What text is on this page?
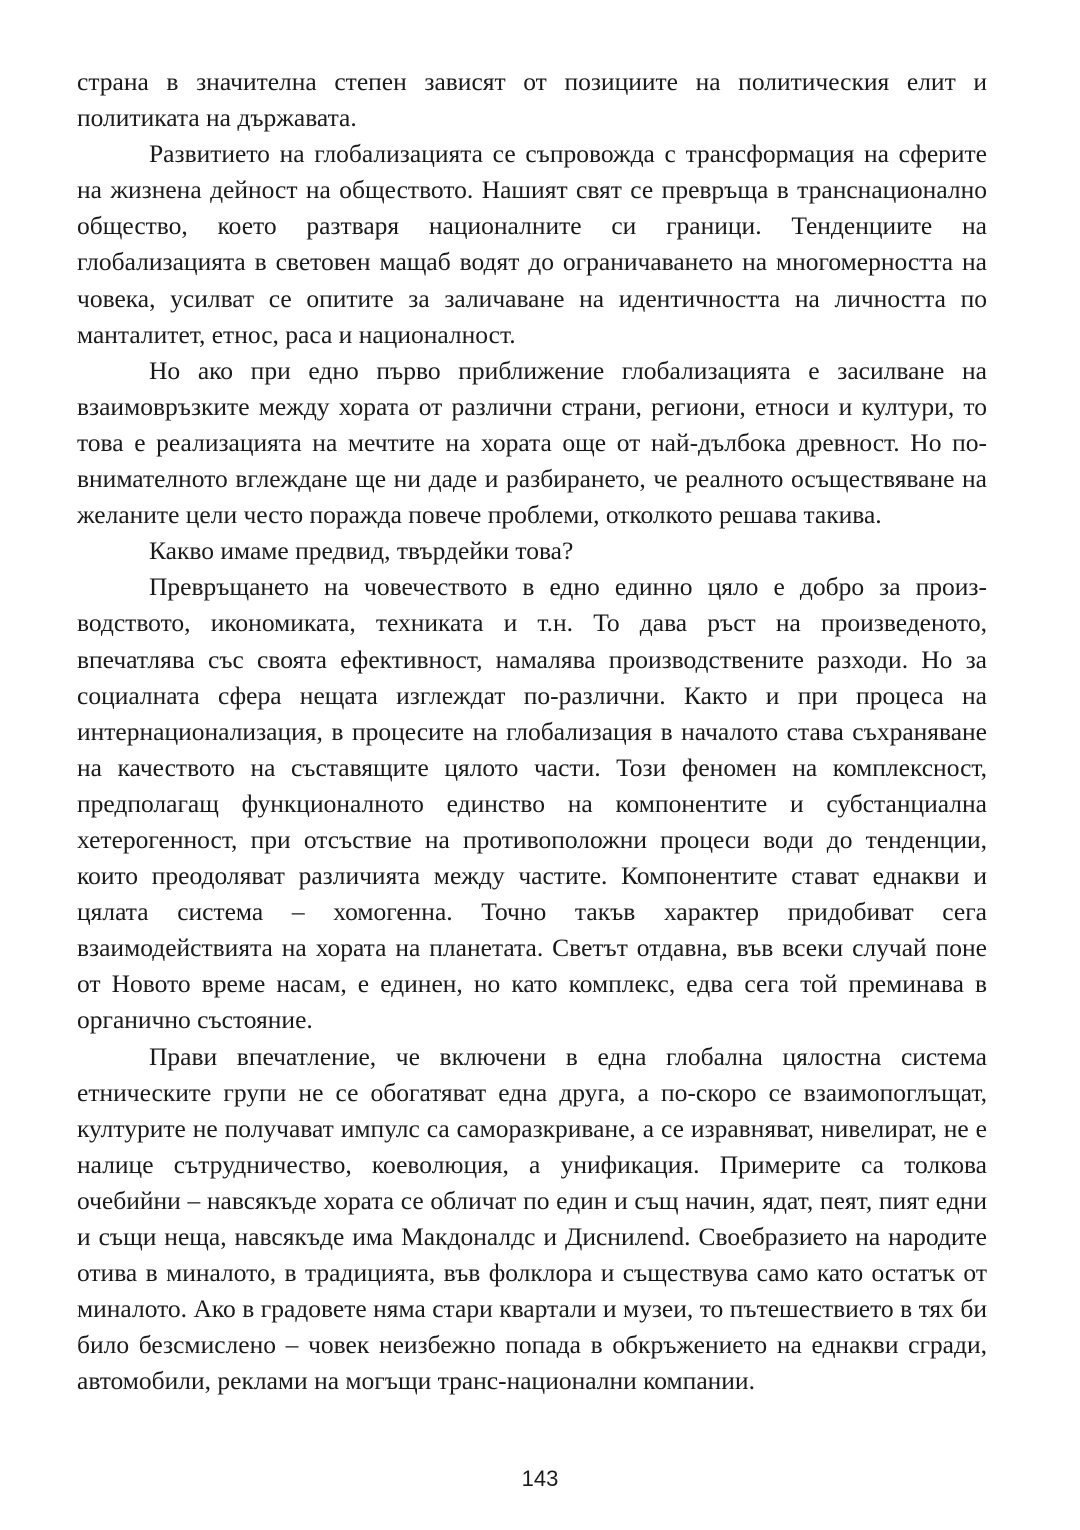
страна в значителна степен зависят от позициите на политическия елит и политиката на държавата.

Развитието на глобализацията се съпровожда с трансформация на сферите на жизнена дейност на обществото. Нашият свят се превръща в транснационално общество, което разтваря националните си граници. Тенденциите на глобализацията в световен мащаб водят до ограничаването на многомерността на човека, усилват се опитите за заличаване на идентичността на личността по манталитет, етнос, раса и националност.

Но ако при едно първо приближение глобализацията е засилване на взаимовръзките между хората от различни страни, региони, етноси и култури, то това е реализацията на мечтите на хората още от най-дълбока древност. Но по-внимателното вглеждане ще ни даде и разбирането, че реалното осъществяване на желаните цели често поражда повече проблеми, отколкото решава такива.

Какво имаме предвид, твърдейки това?

Превръщането на човечеството в едно единно цяло е добро за производството, икономиката, техниката и т.н. То дава ръст на произведеното, впечатлява със своята ефективност, намалява производствените разходи. Но за социалната сфера нещата изглеждат по-различни. Както и при процеса на интернационализация, в процесите на глобализация в началото става съхраняване на качеството на съставящите цялото части. Този феномен на комплексност, предполагащ функционалното единство на компонентите и субстанциална хетерогенност, при отсъствие на противоположни процеси води до тенденции, които преодоляват различията между частите. Компонентите стават еднакви и цялата система – хомогенна. Точно такъв характер придобиват сега взаимодействията на хората на планетата. Светът отдавна, във всеки случай поне от Новото време насам, е единен, но като комплекс, едва сега той преминава в органично състояние.

Прави впечатление, че включени в една глобална цялостна система етническите групи не се обогатяват една друга, а по-скоро се взаимопоглъщат, културите не получават импулс са саморазкриване, а се изравняват, нивелират, не е налице сътрудничество, коеволюция, а унификация. Примерите са толкова очебийни – навсякъде хората се обличат по един и същ начин, ядат, пеят, пият едни и същи неща, навсякъде има Макдоналдс и Диснилend. Своебразието на народите отива в миналото, в традицията, във фолклора и съществува само като остатък от миналото. Ако в градовете няма стари квартали и музеи, то пътешествието в тях би било безсмислено – човек неизбежно попада в обкръжението на еднакви сгради, автомобили, реклами на могъщи транс-национални компании.

143
